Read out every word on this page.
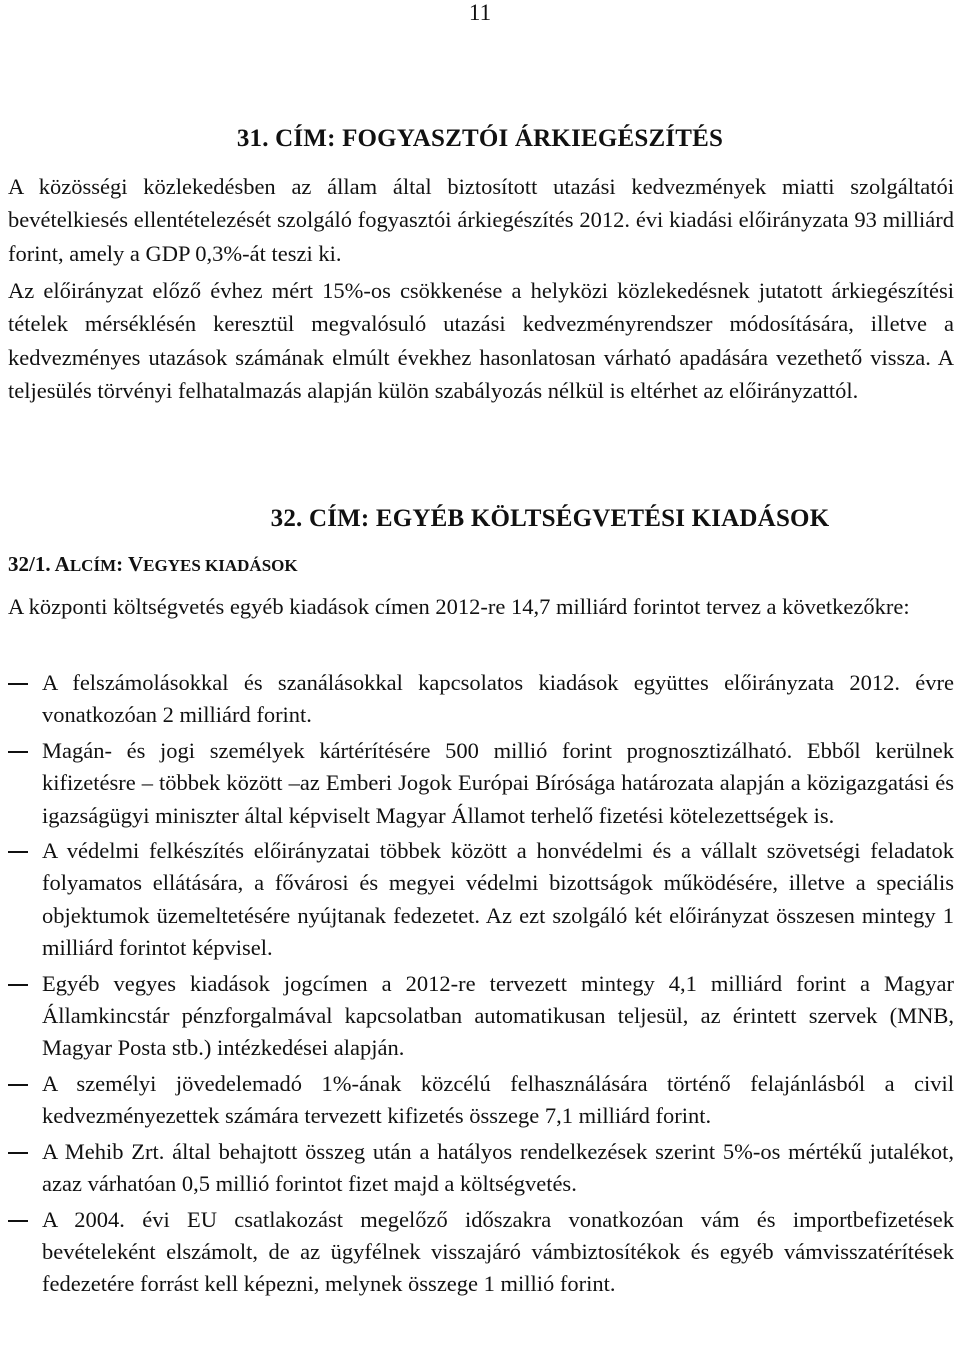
11
31. CÍM: FOGYASZTÓI ÁRKIEGÉSZÍTÉS

A közösségi közlekedésben az állam által biztosított utazási kedvezmények miatti szolgáltatói bevételkiesés ellentételezését szolgáló fogyasztói árkiegészítés 2012. évi kiadási előirányzata 93 milliárd forint, amely a GDP 0,3%-át teszi ki.

Az előirányzat előző évhez mért 15%-os csökkenése a helyközi közlekedésnek jutatott árkiegészítési tételek mérséklésén keresztül megvalósuló utazási kedvezményrendszer módosítására, illetve a kedvezményes utazások számának elmúlt évekhez hasonlatosan várható apadására vezethető vissza. A teljesülés törvényi felhatalmazás alapján külön szabályozás nélkül is eltérhet az előirányzattól.

32. CÍM: EGYÉB KÖLTSÉGVETÉSI KIADÁSOK
32/1. ALCÍM: VEGYES KIADÁSOK

A központi költségvetés egyéb kiadások címen 2012-re 14,7 milliárd forintot tervez a következőkre:

A felszámolásokkal és szanálásokkal kapcsolatos kiadások együttes előirányzata 2012. évre vonatkozóan 2 milliárd forint.
Magán- és jogi személyek kártérítésére 500 millió forint prognosztizálható. Ebből kerülnek kifizetésre – többek között –az Emberi Jogok Európai Bírósága határozata alapján a közigazgatási és igazságügyi miniszter által képviselt Magyar Államot terhelő fizetési kötelezettségek is.
A védelmi felkészítés előirányzatai többek között a honvédelmi és a vállalt szövetségi feladatok folyamatos ellátására, a fővárosi és megyei védelmi bizottságok működésére, illetve a speciális objektumok üzemeltetésére nyújtanak fedezetet. Az ezt szolgáló két előirányzat összesen mintegy 1 milliárd forintot képvisel.
Egyéb vegyes kiadások jogcímen a 2012-re tervezett mintegy 4,1 milliárd forint a Magyar Államkincstár pénzforgalmával kapcsolatban automatikusan teljesül, az érintett szervek (MNB, Magyar Posta stb.) intézkedései alapján.
A személyi jövedelemadó 1%-ának közcélú felhasználására történő felajánlásból a civil kedvezményezettek számára tervezett kifizetés összege 7,1 milliárd forint.
A Mehib Zrt. által behajtott összeg után a hatályos rendelkezések szerint 5%-os mértékű jutalékot, azaz várhatóan 0,5 millió forintot fizet majd a költségvetés.
A 2004. évi EU csatlakozást megelőző időszakra vonatkozóan vám és importbefizetések bevételeként elszámolt, de az ügyfélnek visszajáró vámbiztosítékok és egyéb vámvisszatérítések fedezetére forrást kell képezni, melynek összege 1 millió forint.
